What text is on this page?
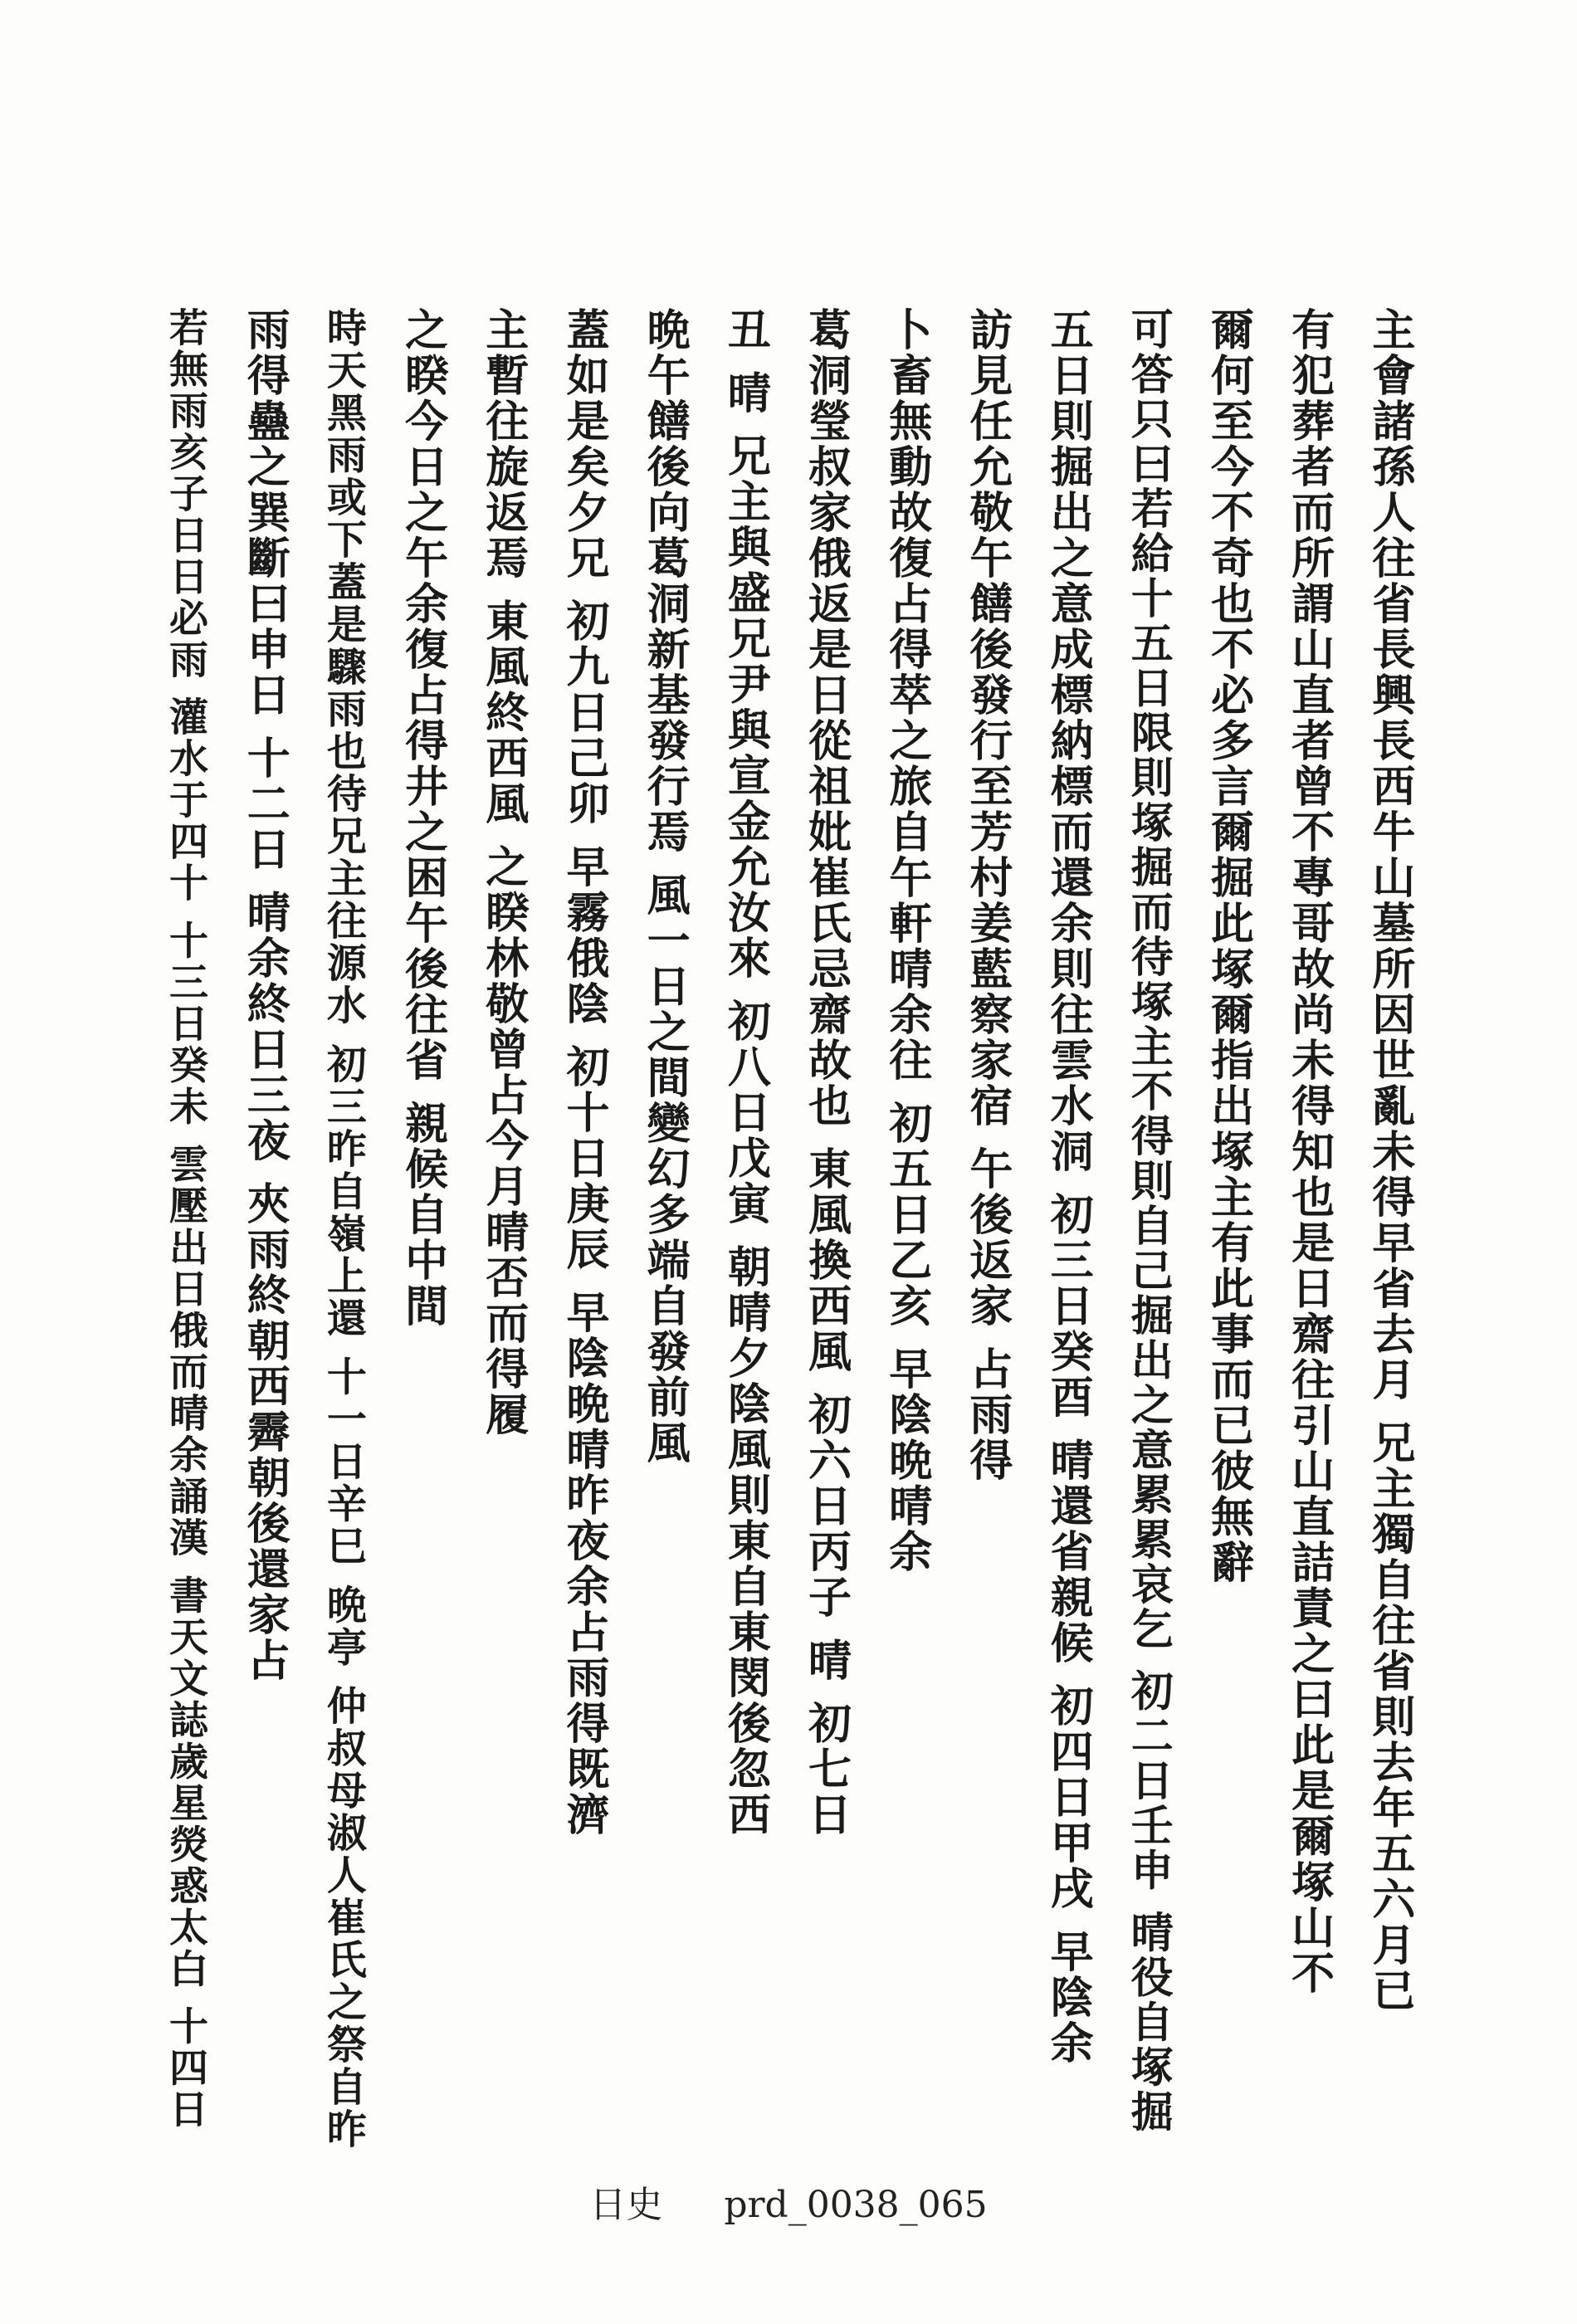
主會諸孫人往省長興長西牛山墓所因世亂未得早省去月 兄主獨自往省則去年五六月已
有犯葬者而所謂山直者曾不專哥故尚未得知也是日齋往引山直詰責之曰此是爾塚山不
爾何至今不奇也不必多言爾掘此塚爾指出塚主有此事而已彼無辭
可答只曰若給十五日限則塚掘而待塚主不得則自己掘出之意累累哀乞 初二日壬申 晴役自塚掘
五日則掘出之意成標納標而還余則往雲水洞 初三日癸酉 晴還省親候 初四日甲戌 早陰余
訪見任允敬午饍後發行至芳村姜藍察家宿 午後返家 占雨得
卜畜無動故復占得萃之旅自午軒晴余往 初五日乙亥 早陰晩晴余
葛洞瑩叔家俄返是日從祖妣崔氏忌齋故也 東風換西風 初六日丙子 晴 初七日
丑 晴 兄主與盛兄尹與宣金允汝來 初八日戊寅 朝晴夕陰風則東自東閔後忽西
晩午饍後向葛洞新基發行焉 風一日之間變幻多端自發前風
蓋如是矣夕兄 初九日己卯 早霧俄陰 初十日庚辰 早陰晩晴昨夜余占雨得既濟
主暫往旋返焉 東風終西風 之睽林敬曾占今月晴否而得履
之睽今日之午余復占得井之困午後往省 親候自中間
時天黑雨或下蓋是驟雨也待兄主往源水 初三昨自嶺上還 十一日辛巳 晩亭 仲叔母淑人崔氏之祭自昨
雨得蠱之巽斷曰申日 十二日 晴余終日三夜 夾雨終朝西霽朝後還家占
若無雨亥子日日必雨 灌水于四十 十三日癸未 雲壓出日俄而晴余誦漢 書天文誌歲星熒惑太白 十四日
日史 prd_0038_065
